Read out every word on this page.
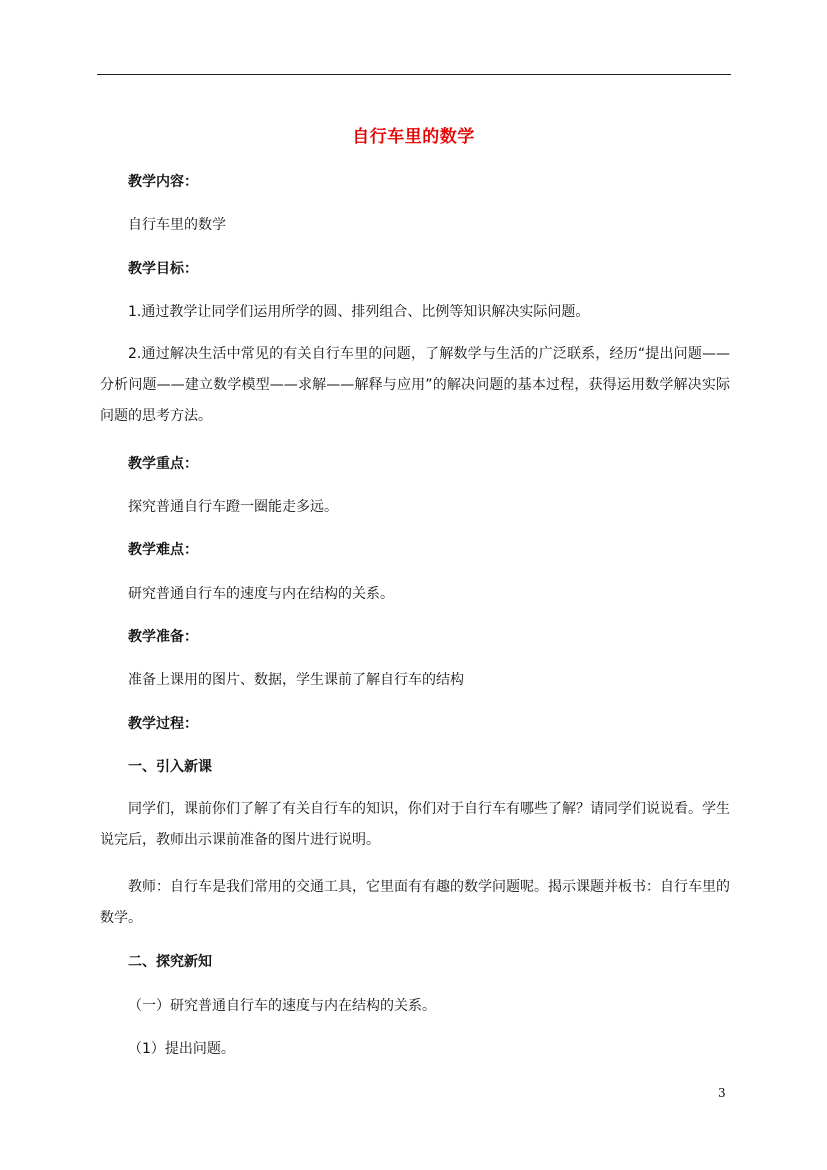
自行车里的数学
教学内容：
自行车里的数学
教学目标：
1.通过教学让同学们运用所学的圆、排列组合、比例等知识解决实际问题。
2.通过解决生活中常见的有关自行车里的问题，了解数学与生活的广泛联系，经历“提出问题——分析问题——建立数学模型——求解——解释与应用”的解决问题的基本过程，获得运用数学解决实际问题的思考方法。
教学重点：
探究普通自行车蹬一圈能走多远。
教学难点：
研究普通自行车的速度与内在结构的关系。
教学准备：
准备上课用的图片、数据，学生课前了解自行车的结构
教学过程：
一、引入新课
同学们，课前你们了解了有关自行车的知识，你们对于自行车有哪些了解？请同学们说说看。学生说完后，教师出示课前准备的图片进行说明。
教师：自行车是我们常用的交通工具，它里面有有趣的数学问题呢。揭示课题并板书：自行车里的数学。
二、探究新知
（一）研究普通自行车的速度与内在结构的关系。
（1）提出问题。
3
